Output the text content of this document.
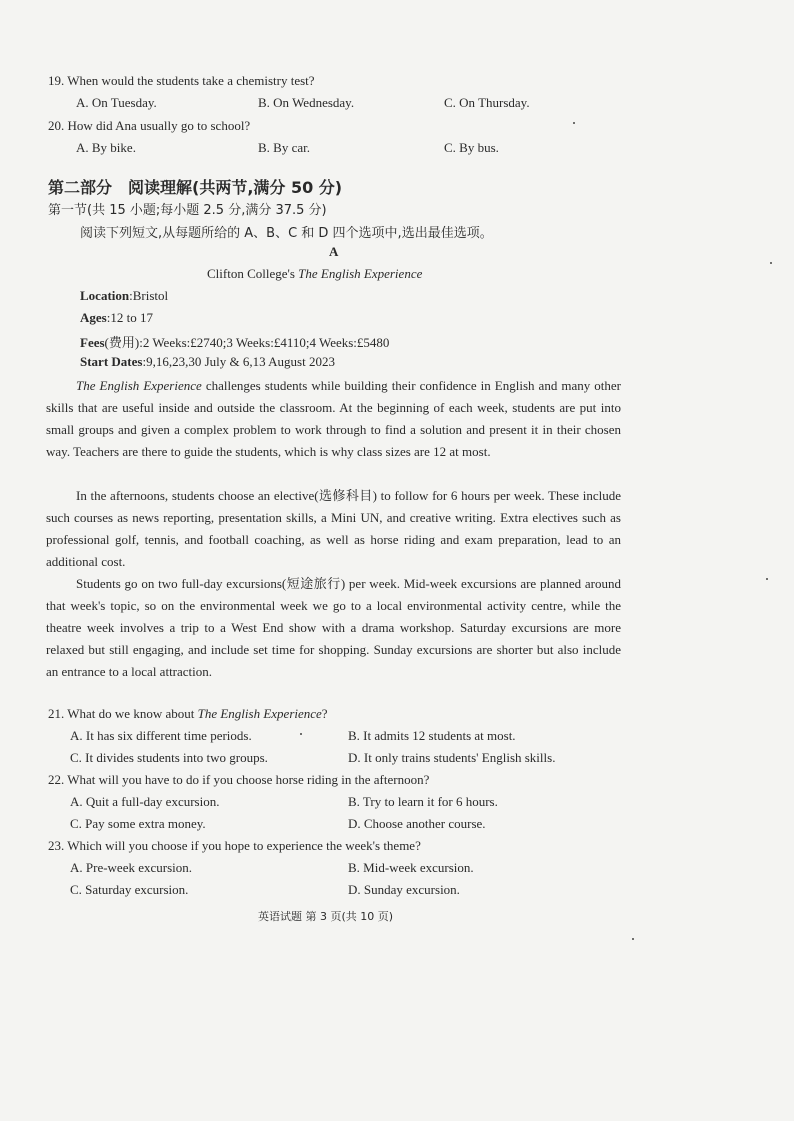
19. When would the students take a chemistry test?
A. On Tuesday.	B. On Wednesday.	C. On Thursday.
20. How did Ana usually go to school?
A. By bike.	B. By car.	C. By bus.
第二部分　阅读理解(共两节,满分 50 分)
第一节(共 15 小题;每小题 2.5 分,满分 37.5 分)
阅读下列短文,从每题所给的 A、B、C 和 D 四个选项中,选出最佳选项。
A
Clifton College's The English Experience
Location:Bristol
Ages:12 to 17
Fees(费用):2 Weeks:£2740;3 Weeks:£4110;4 Weeks:£5480
Start Dates:9,16,23,30 July & 6,13 August 2023
The English Experience challenges students while building their confidence in English and many other skills that are useful inside and outside the classroom. At the beginning of each week, students are put into small groups and given a complex problem to work through to find a solution and present it in their chosen way. Teachers are there to guide the students, which is why class sizes are 12 at most.
In the afternoons, students choose an elective(选修科目) to follow for 6 hours per week. These include such courses as news reporting, presentation skills, a Mini UN, and creative writing. Extra electives such as professional golf, tennis, and football coaching, as well as horse riding and exam preparation, lead to an additional cost.
Students go on two full-day excursions(短途旅行) per week. Mid-week excursions are planned around that week's topic, so on the environmental week we go to a local environmental activity centre, while the theatre week involves a trip to a West End show with a drama workshop. Saturday excursions are more relaxed but still engaging, and include set time for shopping. Sunday excursions are shorter but also include an entrance to a local attraction.
21. What do we know about The English Experience?
A. It has six different time periods.	B. It admits 12 students at most.
C. It divides students into two groups.	D. It only trains students' English skills.
22. What will you have to do if you choose horse riding in the afternoon?
A. Quit a full-day excursion.	B. Try to learn it for 6 hours.
C. Pay some extra money.	D. Choose another course.
23. Which will you choose if you hope to experience the week's theme?
A. Pre-week excursion.	B. Mid-week excursion.
C. Saturday excursion.	D. Sunday excursion.
英语试题 第 3 页(共 10 页)
